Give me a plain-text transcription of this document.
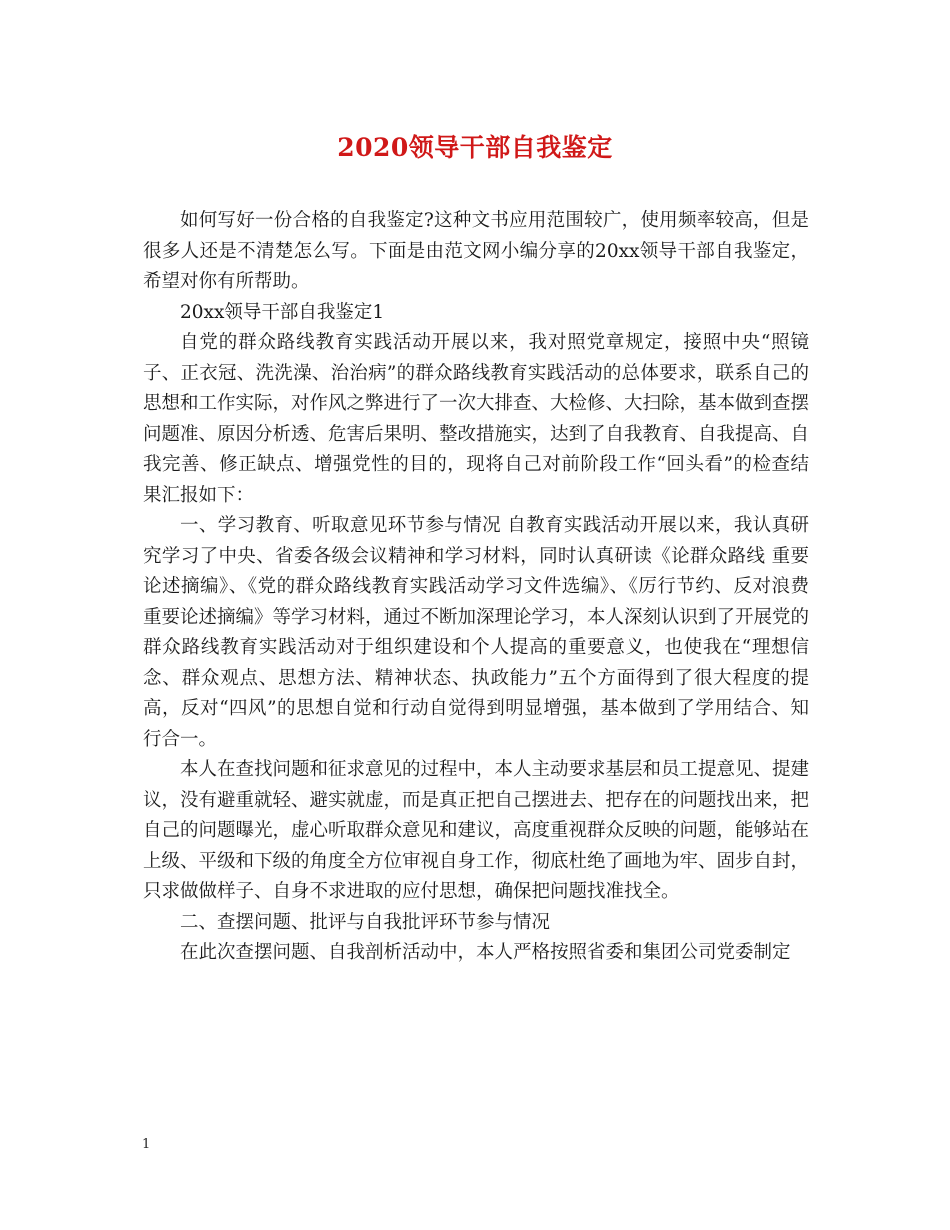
2020领导干部自我鉴定

如何写好一份合格的自我鉴定?这种文书应用范围较广，使用频率较高，但是很多人还是不清楚怎么写。下面是由范文网小编分享的20xx领导干部自我鉴定，希望对你有所帮助。

20xx领导干部自我鉴定1

自党的群众路线教育实践活动开展以来，我对照党章规定，接照中央“照镜子、正衣冠、洗洗澡、治治病”的群众路线教育实践活动的总体要求，联系自己的思想和工作实际，对作风之弊进行了一次大排查、大检修、大扫除，基本做到查摆问题准、原因分析透、危害后果明、整改措施实，达到了自我教育、自我提高、自我完善、修正缺点、增强党性的目的，现将自己对前阶段工作“回头看”的检查结果汇报如下：

一、学习教育、听取意见环节参与情况 自教育实践活动开展以来，我认真研究学习了中央、省委各级会议精神和学习材料，同时认真研读《论群众路线 重要论述摘编》、《党的群众路线教育实践活动学习文件选编》、《厉行节约、反对浪费 重要论述摘编》等学习材料，通过不断加深理论学习，本人深刻认识到了开展党的群众路线教育实践活动对于组织建设和个人提高的重要意义，也使我在“理想信念、群众观点、思想方法、精神状态、执政能力”五个方面得到了很大程度的提高，反对“四风”的思想自觉和行动自觉得到明显增强，基本做到了学用结合、知行合一。

本人在查找问题和征求意见的过程中，本人主动要求基层和员工提意见、提建议，没有避重就轻、避实就虚，而是真正把自己摆进去、把存在的问题找出来，把自己的问题曝光，虚心听取群众意见和建议，高度重视群众反映的问题，能够站在上级、平级和下级的角度全方位审视自身工作，彻底杜绝了画地为牢、固步自封，只求做做样子、自身不求进取的应付思想，确保把问题找准找全。

二、查摆问题、批评与自我批评环节参与情况

在此次查摆问题、自我剖析活动中，本人严格按照省委和集团公司党委制定

1
